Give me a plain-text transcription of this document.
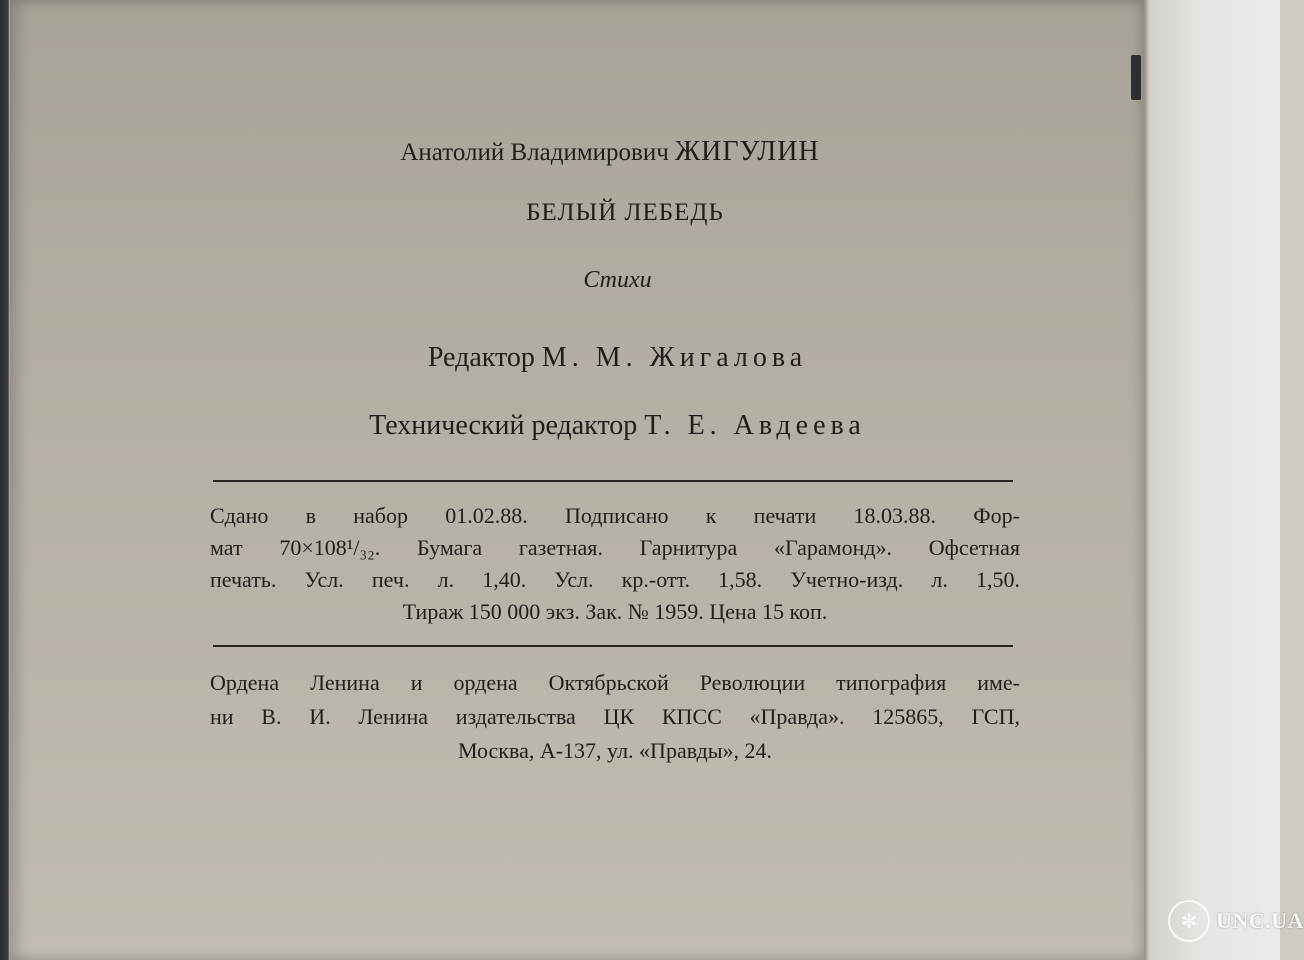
Анатолий Владимирович ЖИГУЛИН
БЕЛЫЙ ЛЕБЕДЬ
Стихи
Редактор М. М. Жигалова
Технический редактор Т. Е. Авдеева
Сдано в набор 01.02.88. Подписано к печати 18.03.88. Фор-
мат 70×108¹/₃₂. Бумага газетная. Гарнитура «Гарамонд». Офсетная
печать. Усл. печ. л. 1,40. Усл. кр.-отт. 1,58. Учетно-изд. л. 1,50.
Тираж 150 000 экз. Зак. № 1959. Цена 15 коп.
Ордена Ленина и ордена Октябрьской Революции типография име-
ни В. И. Ленина издательства ЦК КПСС «Правда». 125865, ГСП,
Москва, А-137, ул. «Правды», 24.
✻ UNC.UA
